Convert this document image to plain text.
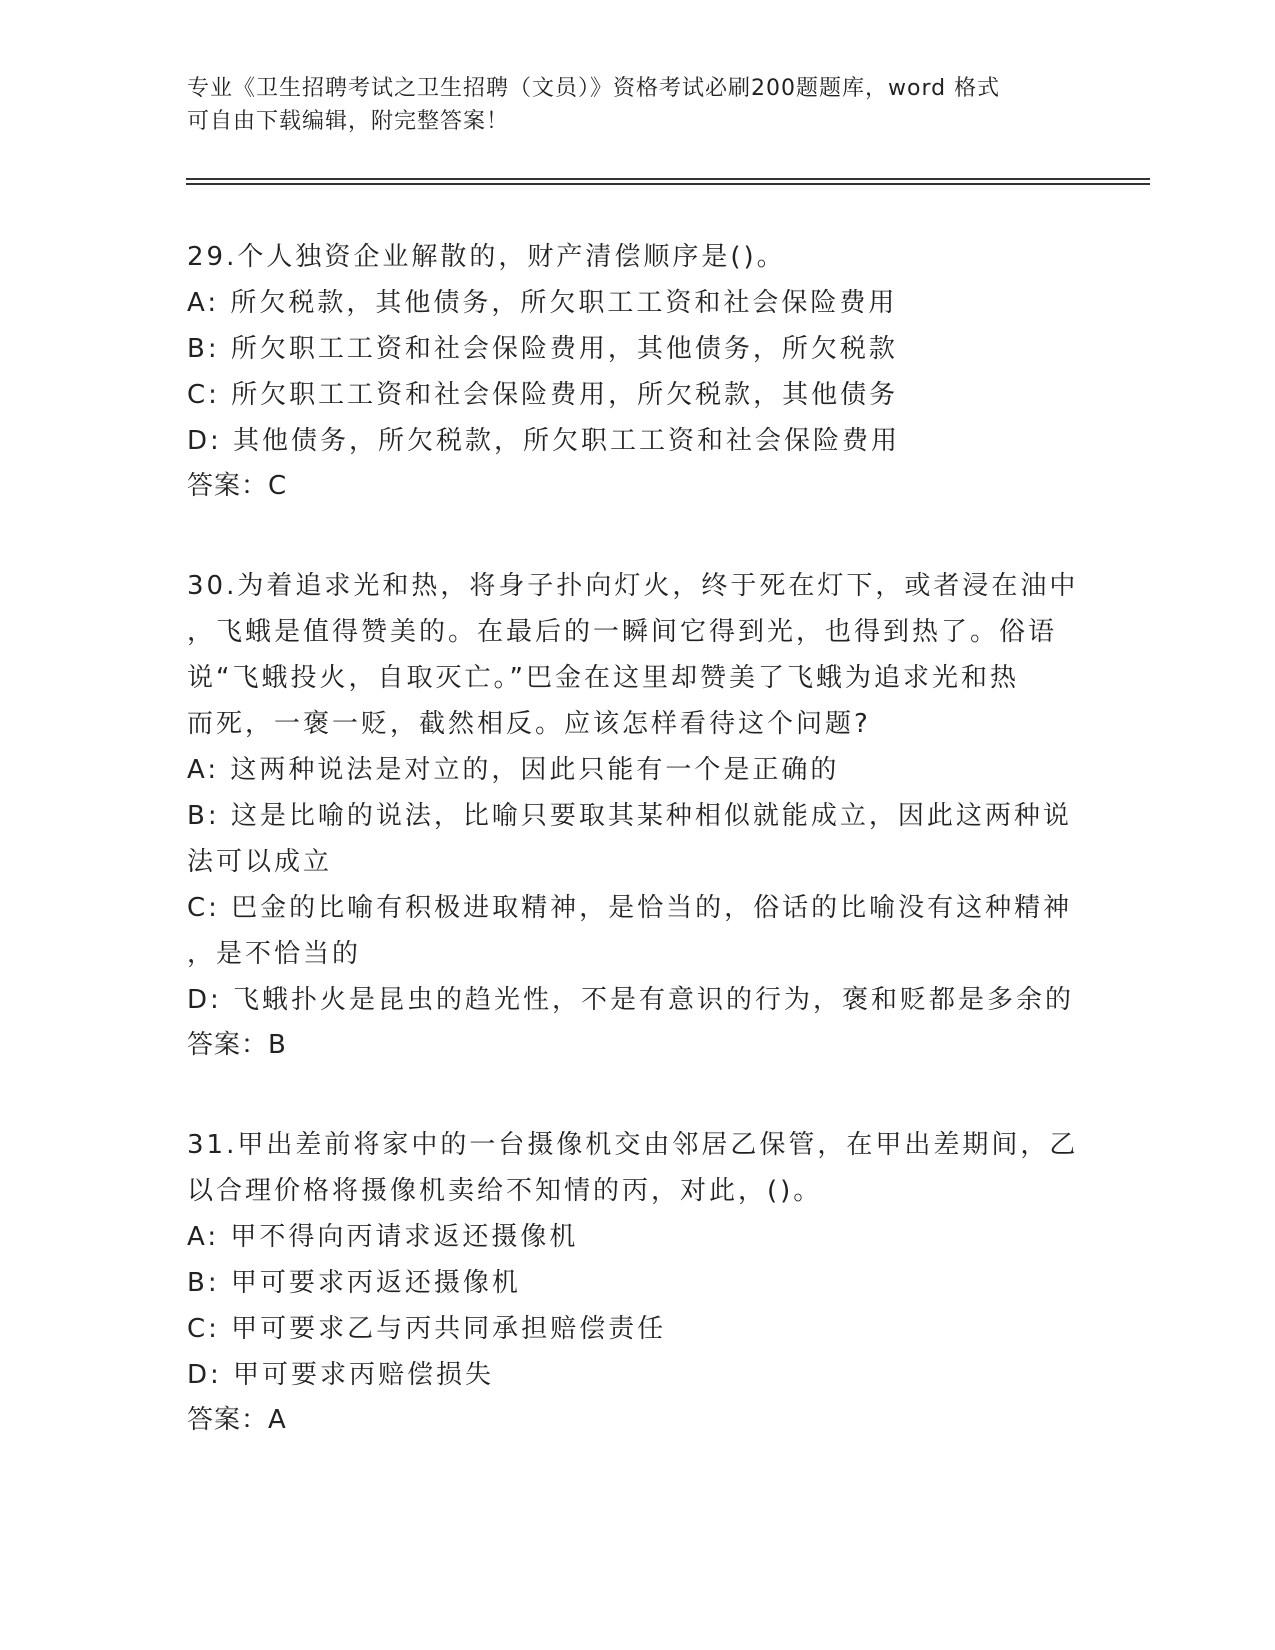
专业《卫生招聘考试之卫生招聘（文员）》资格考试必刷200题题库，word 格式
可自由下载编辑，附完整答案！
29.个人独资企业解散的，财产清偿顺序是()。
A: 所欠税款，其他债务，所欠职工工资和社会保险费用
B: 所欠职工工资和社会保险费用，其他债务，所欠税款
C: 所欠职工工资和社会保险费用，所欠税款，其他债务
D: 其他债务，所欠税款，所欠职工工资和社会保险费用
答案：C
30.为着追求光和热，将身子扑向灯火，终于死在灯下，或者浸在油中
，飞蛾是值得赞美的。在最后的一瞬间它得到光，也得到热了。俗语
说“飞蛾投火，自取灭亡。”巴金在这里却赞美了飞蛾为追求光和热
而死，一褒一贬，截然相反。应该怎样看待这个问题?
A: 这两种说法是对立的，因此只能有一个是正确的
B: 这是比喻的说法，比喻只要取其某种相似就能成立，因此这两种说
法可以成立
C: 巴金的比喻有积极进取精神，是恰当的，俗话的比喻没有这种精神
，是不恰当的
D: 飞蛾扑火是昆虫的趋光性，不是有意识的行为，褒和贬都是多余的
答案：B
31.甲出差前将家中的一台摄像机交由邻居乙保管，在甲出差期间，乙
以合理价格将摄像机卖给不知情的丙，对此，()。
A: 甲不得向丙请求返还摄像机
B: 甲可要求丙返还摄像机
C: 甲可要求乙与丙共同承担赔偿责任
D: 甲可要求丙赔偿损失
答案：A
